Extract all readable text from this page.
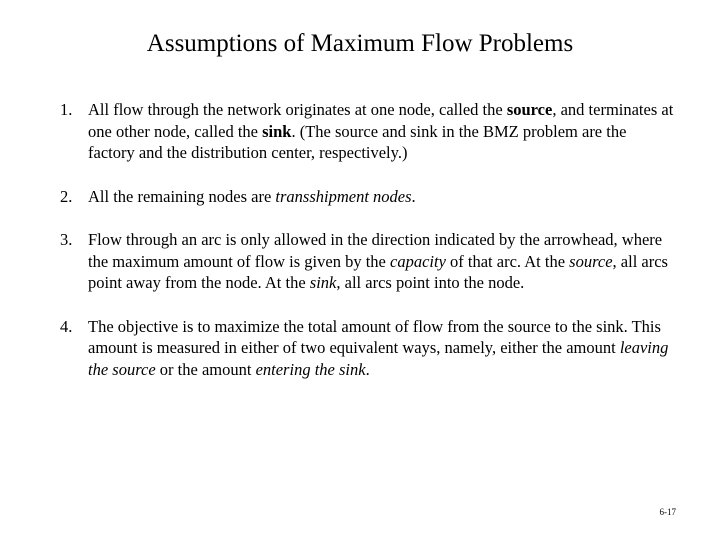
Assumptions of Maximum Flow Problems
1. All flow through the network originates at one node, called the source, and terminates at one other node, called the sink. (The source and sink in the BMZ problem are the factory and the distribution center, respectively.)
2. All the remaining nodes are transshipment nodes.
3. Flow through an arc is only allowed in the direction indicated by the arrowhead, where the maximum amount of flow is given by the capacity of that arc. At the source, all arcs point away from the node. At the sink, all arcs point into the node.
4. The objective is to maximize the total amount of flow from the source to the sink. This amount is measured in either of two equivalent ways, namely, either the amount leaving the source or the amount entering the sink.
6-17
